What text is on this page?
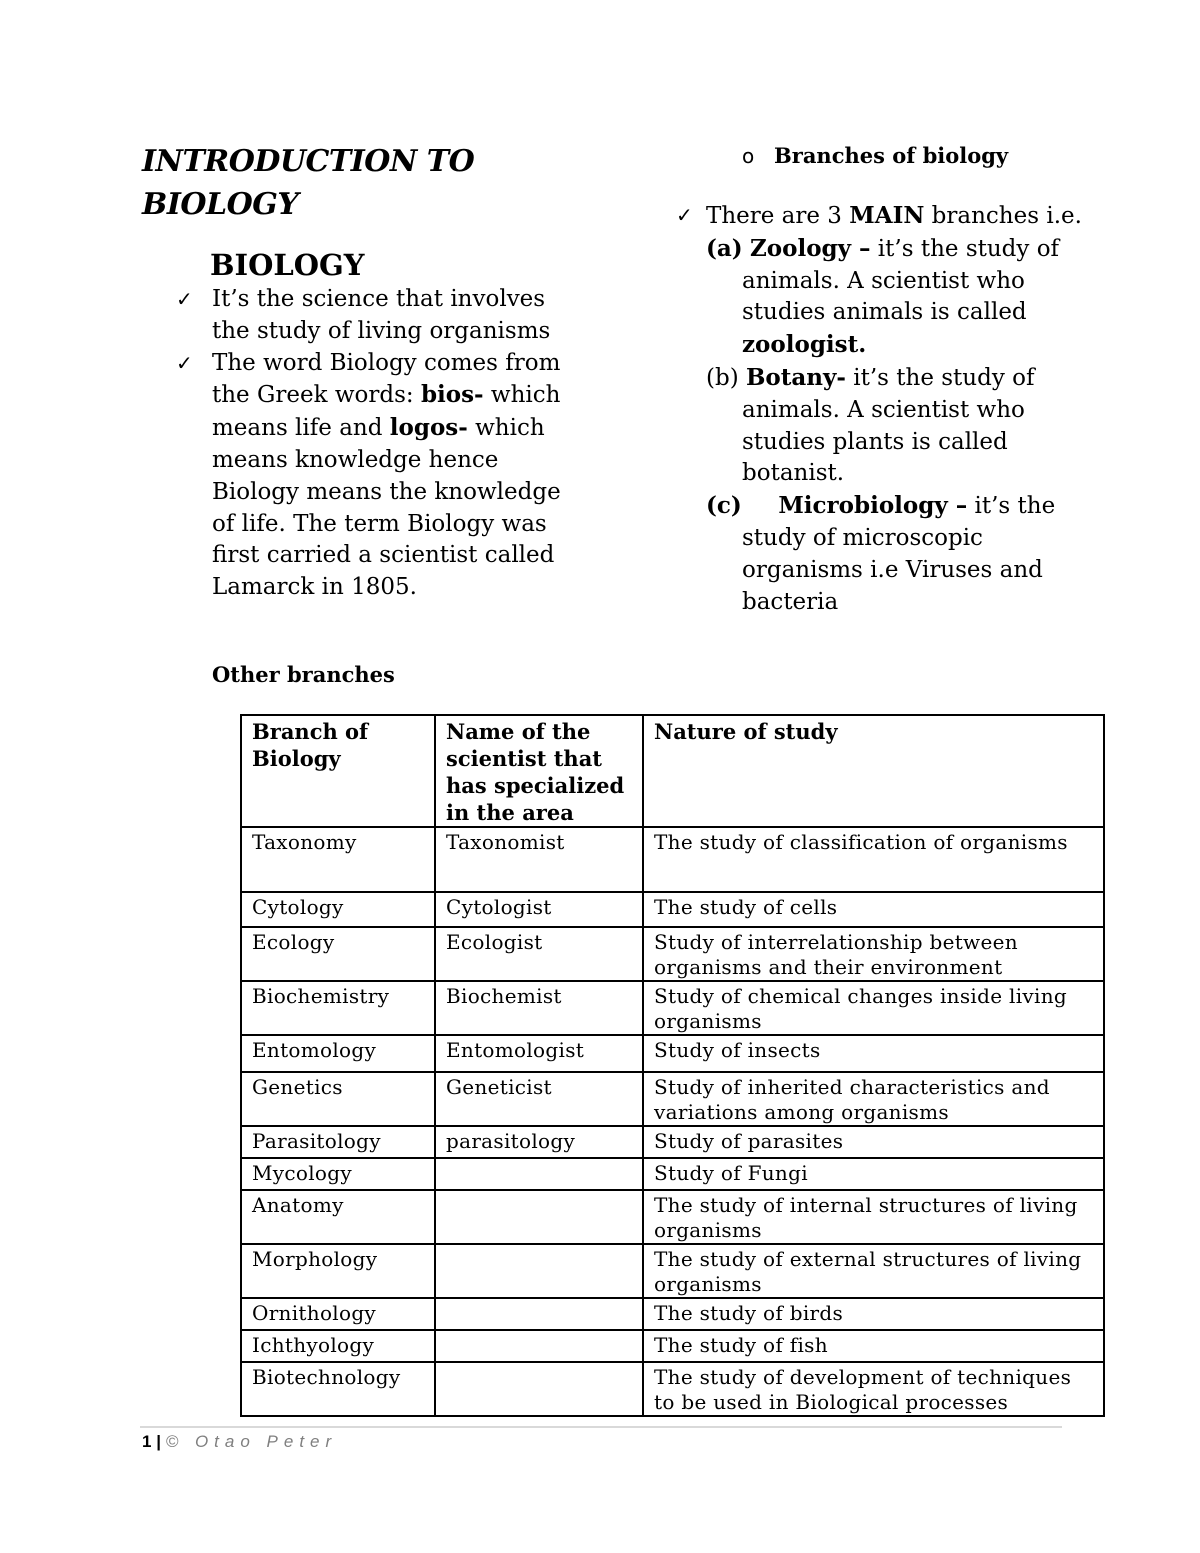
INTRODUCTION TO BIOLOGY
BIOLOGY
✓ It’s the science that involves the study of living organisms
✓ The word Biology comes from the Greek words: bios- which means life and logos- which means knowledge hence Biology means the knowledge of life. The term Biology was first carried a scientist called Lamarck in 1805.
o Branches of biology
✓ There are 3 MAIN branches i.e.
(a) Zoology – it’s the study of animals. A scientist who studies animals is called zoologist.
(b) Botany- it’s the study of animals. A scientist who studies plants is called botanist.
(c) Microbiology – it’s the study of microscopic organisms i.e Viruses and bacteria
Other branches
Branch of Biology	Name of the scientist that has specialized in the area	Nature of study
Taxonomy	Taxonomist	The study of classification of organisms
Cytology	Cytologist	The study of cells
Ecology	Ecologist	Study of interrelationship between organisms and their environment
Biochemistry	Biochemist	Study of chemical changes inside living organisms
Entomology	Entomologist	Study of insects
Genetics	Geneticist	Study of inherited characteristics and variations among organisms
Parasitology	parasitology	Study of parasites
Mycology		Study of Fungi
Anatomy		The study of internal structures of living organisms
Morphology		The study of external structures of living organisms
Ornithology		The study of birds
Ichthyology		The study of fish
Biotechnology		The study of development of techniques to be used in Biological processes
1 | © Otao Peter
